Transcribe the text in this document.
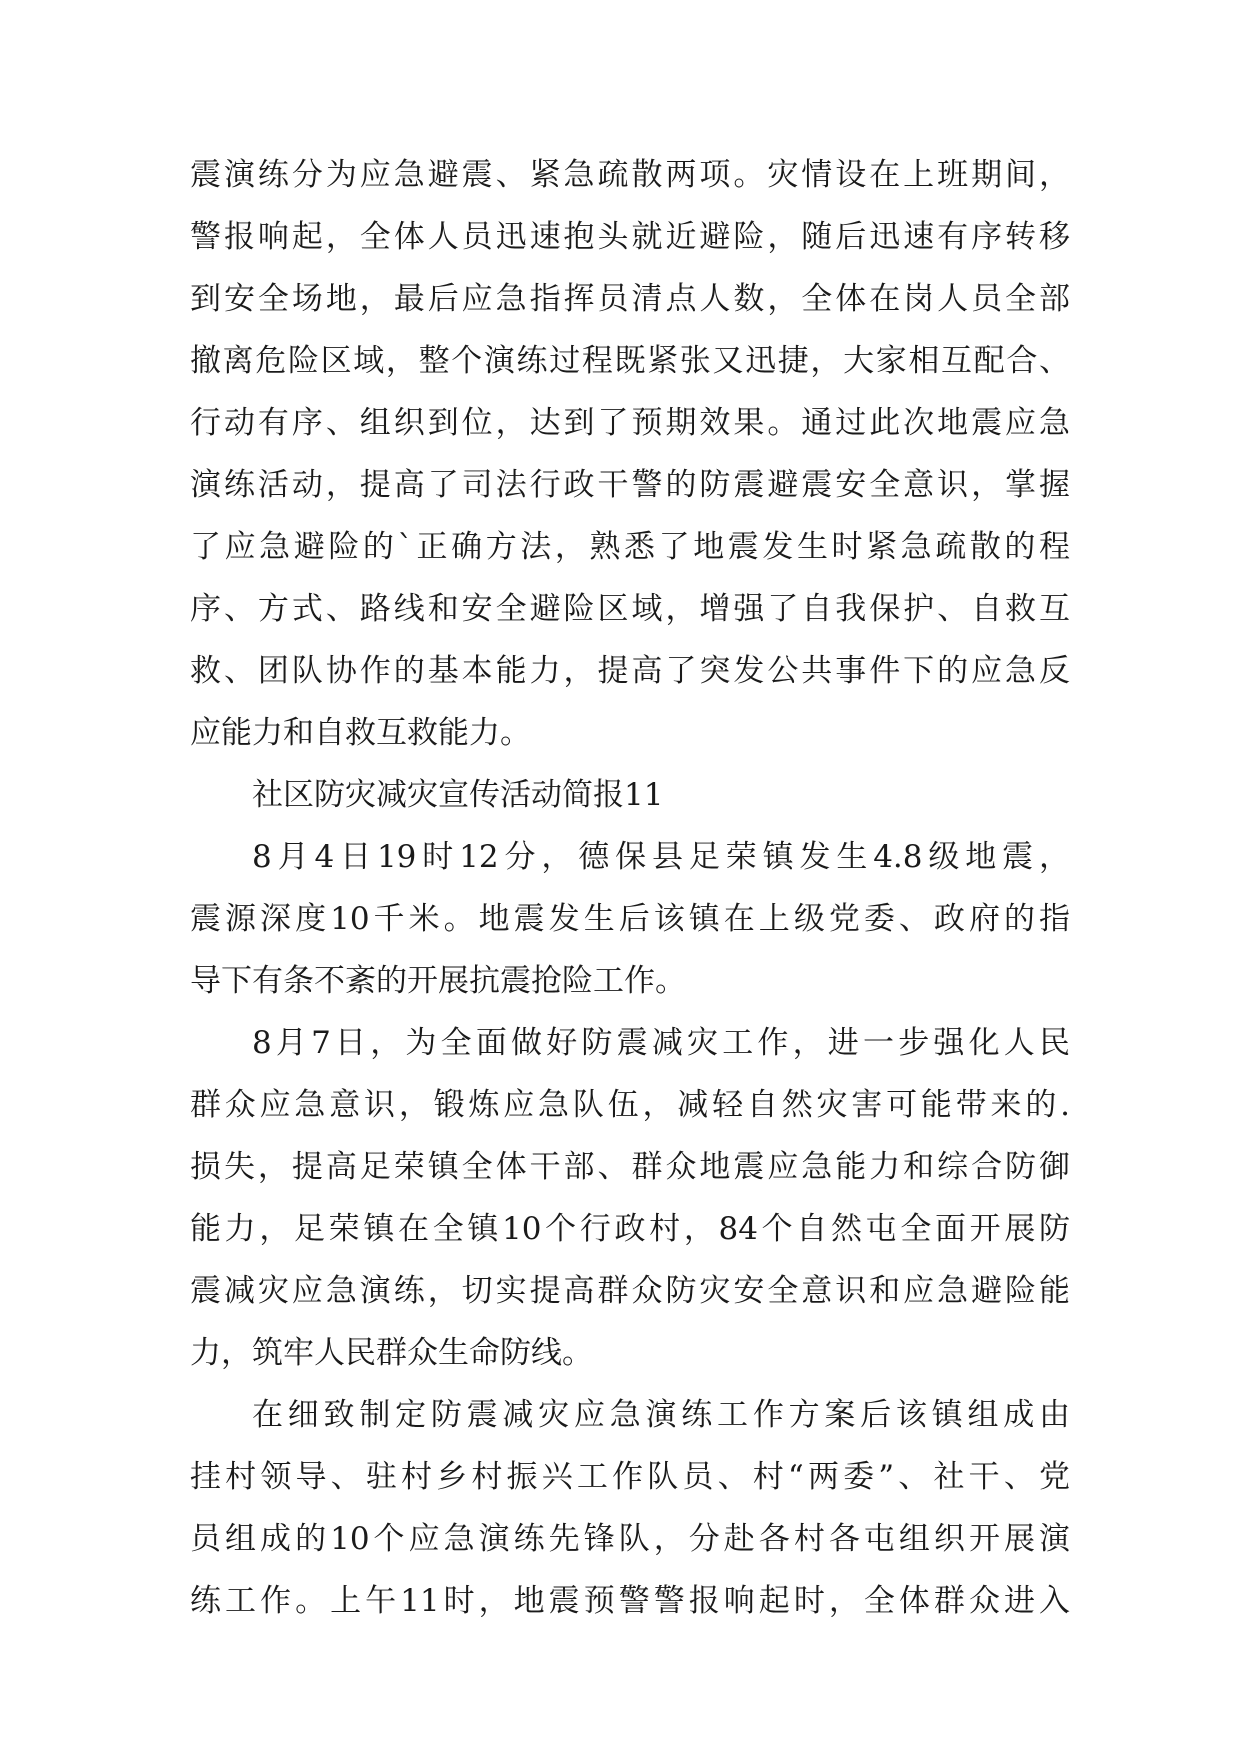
震演练分为应急避震、紧急疏散两项。灾情设在上班期间，
警报响起，全体人员迅速抱头就近避险，随后迅速有序转移
到安全场地，最后应急指挥员清点人数，全体在岗人员全部
撤离危险区域，整个演练过程既紧张又迅捷，大家相互配合、
行动有序、组织到位，达到了预期效果。通过此次地震应急
演练活动，提高了司法行政干警的防震避震安全意识，掌握
了应急避险的`正确方法，熟悉了地震发生时紧急疏散的程
序、方式、路线和安全避险区域，增强了自我保护、自救互
救、团队协作的基本能力，提高了突发公共事件下的应急反
应能力和自救互救能力。
社区防灾减灾宣传活动简报11
8月4日19时12分，德保县足荣镇发生4.8级地震，
震源深度10千米。地震发生后该镇在上级党委、政府的指
导下有条不紊的开展抗震抢险工作。
8月7日，为全面做好防震减灾工作，进一步强化人民
群众应急意识，锻炼应急队伍，减轻自然灾害可能带来的.
损失，提高足荣镇全体干部、群众地震应急能力和综合防御
能力，足荣镇在全镇10个行政村，84个自然屯全面开展防
震减灾应急演练，切实提高群众防灾安全意识和应急避险能
力，筑牢人民群众生命防线。
在细致制定防震减灾应急演练工作方案后该镇组成由
挂村领导、驻村乡村振兴工作队员、村“两委”、社干、党
员组成的10个应急演练先锋队，分赴各村各屯组织开展演
练工作。上午11时，地震预警警报响起时，全体群众进入
